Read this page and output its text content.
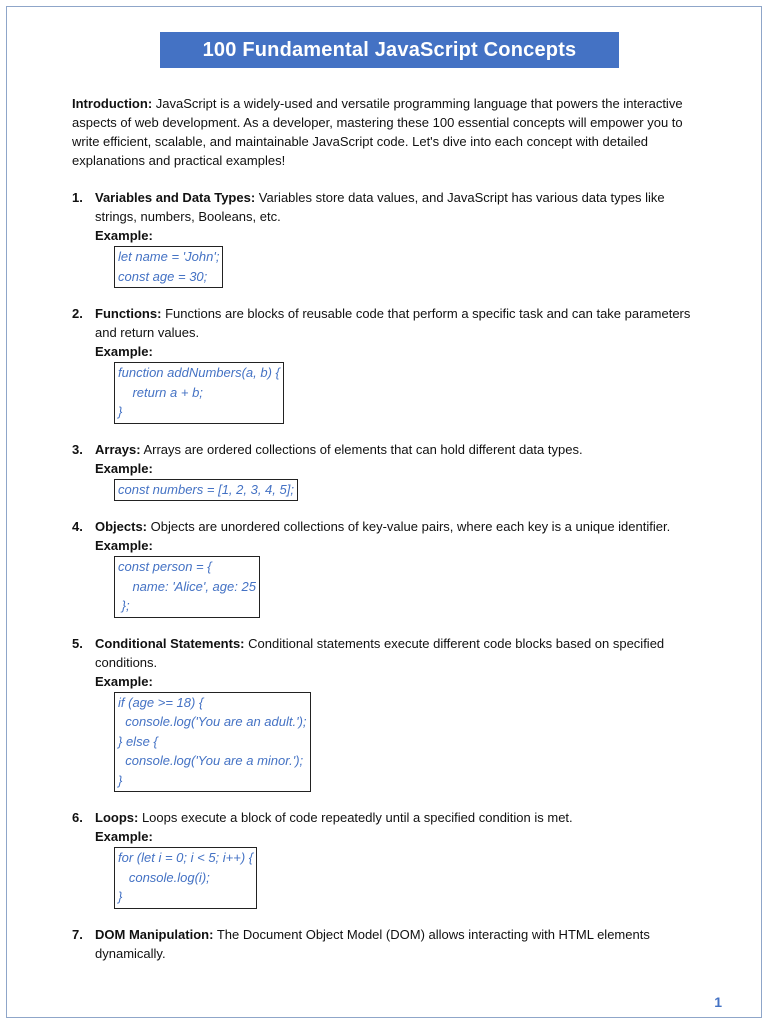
100 Fundamental JavaScript Concepts

Introduction: JavaScript is a widely-used and versatile programming language that powers the interactive aspects of web development. As a developer, mastering these 100 essential concepts will empower you to write efficient, scalable, and maintainable JavaScript code. Let's dive into each concept with detailed explanations and practical examples!

1. Variables and Data Types: Variables store data values, and JavaScript has various data types like strings, numbers, Booleans, etc.
Example:
let name = 'John';
const age = 30;
2. Functions: Functions are blocks of reusable code that perform a specific task and can take parameters and return values.
Example:
function addNumbers(a, b) {
return a + b;
}
3. Arrays: Arrays are ordered collections of elements that can hold different data types.
Example:
const numbers = [1, 2, 3, 4, 5];
4. Objects: Objects are unordered collections of key-value pairs, where each key is a unique identifier.
Example:
const person = {
name: 'Alice', age: 25
};
5. Conditional Statements: Conditional statements execute different code blocks based on specified conditions.
Example:
if (age >= 18) {
console.log('You are an adult.');
} else {
console.log('You are a minor.');
}
6. Loops: Loops execute a block of code repeatedly until a specified condition is met.
Example:
for (let i = 0; i < 5; i++) {
console.log(i);
}
7. DOM Manipulation: The Document Object Model (DOM) allows interacting with HTML elements dynamically.
1
